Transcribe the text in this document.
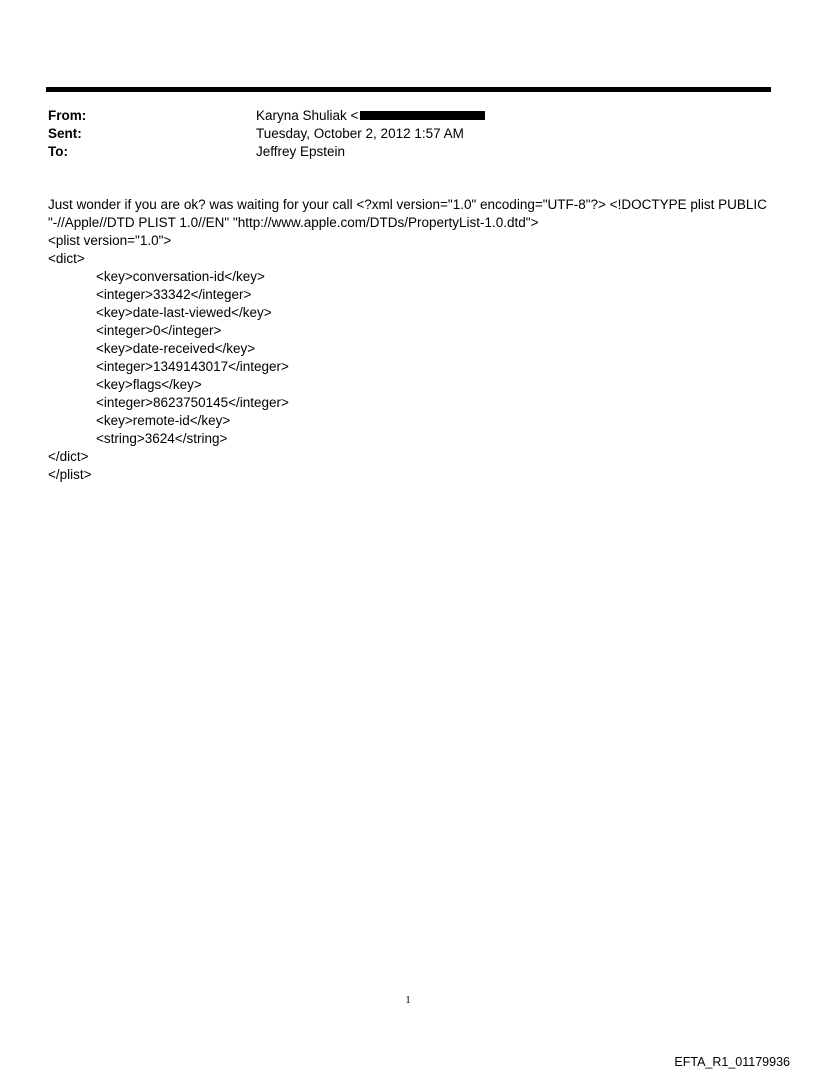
From:	Karyna Shuliak <
Sent:	Tuesday, October 2, 2012 1:57 AM
To:	Jeffrey Epstein

Just wonder if you are ok? was waiting for your call <?xml version="1.0" encoding="UTF-8"?> <!DOCTYPE plist PUBLIC "-//Apple//DTD PLIST 1.0//EN" "http://www.apple.com/DTDs/PropertyList-1.0.dtd">

<plist version="1.0">
<dict>
<key>conversation-id</key>
<integer>33342</integer>
<key>date-last-viewed</key>
<integer>0</integer>
<key>date-received</key>
<integer>1349143017</integer>
<key>flags</key>
<integer>8623750145</integer>
<key>remote-id</key>
<string>3624</string>
</dict>
</plist>
1
EFTA_R1_01179936
